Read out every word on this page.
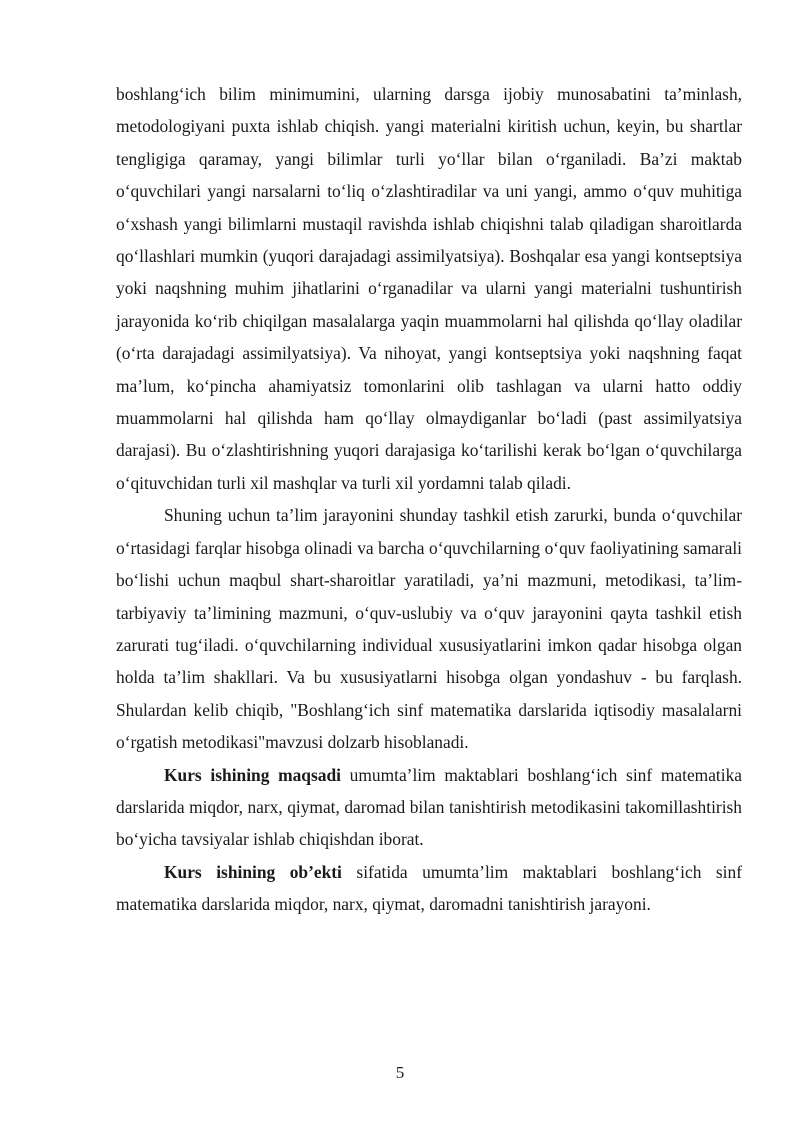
boshlang‘ich bilim minimumini, ularning darsga ijobiy munosabatini ta’minlash, metodologiyani puxta ishlab chiqish. yangi materialni kiritish uchun, keyin, bu shartlar tengligiga qaramay, yangi bilimlar turli yo‘llar bilan o‘rganiladi. Ba’zi maktab o‘quvchilari yangi narsalarni to‘liq o‘zlashtiradilar va uni yangi, ammo o‘quv muhitiga o‘xshash yangi bilimlarni mustaqil ravishda ishlab chiqishni talab qiladigan sharoitlarda qo‘llashlari mumkin (yuqori darajadagi assimilyatsiya). Boshqalar esa yangi kontseptsiya yoki naqshning muhim jihatlarini o‘rganadilar va ularni yangi materialni tushuntirish jarayonida ko‘rib chiqilgan masalalarga yaqin muammolarni hal qilishda qo‘llay oladilar (o‘rta darajadagi assimilyatsiya). Va nihoyat, yangi kontseptsiya yoki naqshning faqat ma’lum, ko‘pincha ahamiyatsiz tomonlarini olib tashlagan va ularni hatto oddiy muammolarni hal qilishda ham qo‘llay olmaydiganlar bo‘ladi (past assimilyatsiya darajasi). Bu o‘zlashtirishning yuqori darajasiga ko‘tarilishi kerak bo‘lgan o‘quvchilarga o‘qituvchidan turli xil mashqlar va turli xil yordamni talab qiladi.

Shuning uchun ta’lim jarayonini shunday tashkil etish zarurki, bunda o‘quvchilar o‘rtasidagi farqlar hisobga olinadi va barcha o‘quvchilarning o‘quv faoliyatining samarali bo‘lishi uchun maqbul shart-sharoitlar yaratiladi, ya’ni mazmuni, metodikasi, ta’lim-tarbiyaviy ta’limining mazmuni, o‘quv-uslubiy va o‘quv jarayonini qayta tashkil etish zarurati tug‘iladi. o‘quvchilarning individual xususiyatlarini imkon qadar hisobga olgan holda ta’lim shakllari. Va bu xususiyatlarni hisobga olgan yondashuv - bu farqlash. Shulardan kelib chiqib, "Boshlang‘ich sinf matematika darslarida iqtisodiy masalalarni o‘rgatish metodikasi"mavzusi dolzarb hisoblanadi.

Kurs ishining maqsadi umumta’lim maktablari boshlang‘ich sinf matematika darslarida miqdor, narx, qiymat, daromad bilan tanishtirish metodikasini takomillashtirish bo‘yicha tavsiyalar ishlab chiqishdan iborat.

Kurs ishining ob’ekti sifatida umumta’lim maktablari boshlang‘ich sinf matematika darslarida miqdor, narx, qiymat, daromadni tanishtirish jarayoni.

5
